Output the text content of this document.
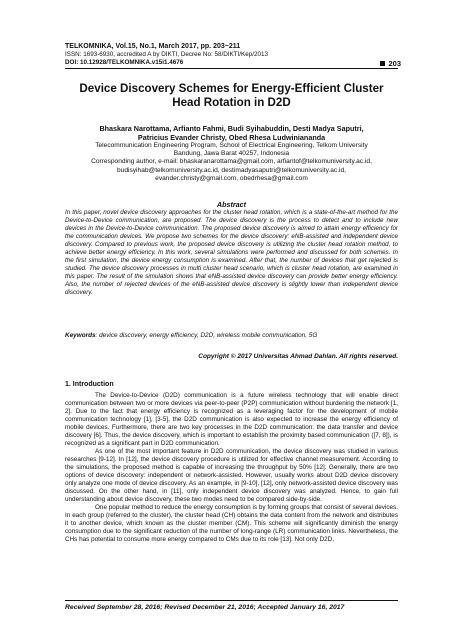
TELKOMNIKA, Vol.15, No.1, March 2017, pp. 203~211
ISSN: 1693-6930, accredited A by DIKTI, Decree No: 58/DIKTI/Kep/2013
DOI: 10.12928/TELKOMNIKA.v15i1.4676	203
Device Discovery Schemes for Energy-Efficient Cluster Head Rotation in D2D
Bhaskara Narottama, Arfianto Fahmi, Budi Syihabuddin, Desti Madya Saputri,
Patricius Evander Christy, Obed Rhesa Ludwiniananda
Telecommunication Engineering Program, School of Electrical Engineering, Telkom University
Bandung, Jawa Barat 40257, Indonesia
Corresponding author, e-mail: bhaskaranarottama@gmail.com, arfiantof@telkomuniversity.ac.id,
budisyihab@telkomuniversity.ac.id, destimadyasaputri@telkomuniversity.ac.id,
evander.christy@gmail.com, obedrhesa@gmail.com
Abstract
In this paper, novel device discovery approaches for the cluster head rotation, which is a state-of-the-art method for the Device-to-Device communication, are proposed. The device discovery is the process to detect and to include new devices in the Device-to-Device communication. The proposed device discovery is aimed to attain energy efficiency for the communication devices. We propose two schemes for the device discovery: eNB-assisted and independent device discovery. Compared to previous work, the proposed device discovery is utilizing the cluster head rotation method, to achieve better energy efficiency. In this work, several simulations were performed and discussed for both schemes. In the first simulation, the device energy consumption is examined. After that, the number of devices that get rejected is studied. The device discovery processes in multi cluster head scenario, which is cluster head rotation, are examined in this paper. The result of the simulation shows that eNB-assisted device discovery can provide better energy efficiency. Also, the number of rejected devices of the eNB-assisted device discovery is slightly lower than independent device discovery.
Keywords: device discovery, energy efficiency, D2D, wireless mobile communication, 5G
Copyright © 2017 Universitas Ahmad Dahlan. All rights reserved.
1. Introduction

The Device-to-Device (D2D) communication is a future wireless technology that will enable direct communication between two or more devices via peer-to-peer (P2P) communication without burdening the network [1, 2]. Due to the fact that energy efficiency is recognized as a leveraging factor for the development of mobile communication technology [1], [3-5], the D2D communication is also expected to increase the energy efficiency of mobile devices. Furthermore, there are two key processes in the D2D communication: the data transfer and device discovery [6]. Thus, the device discovery, which is important to establish the proximity based communication ([7, 8]), is recognized as a significant part in D2D communication.

As one of the most important feature in D2D communication, the device discovery was studied in various researches [9-12]. In [12], the device discovery procedure is utilized for effective channel measurement. According to the simulations, the proposed method is capable of increasing the throughput by 50% [12]. Generally, there are two options of device discovery: independent or network-assisted. However, usually works about D2D device discovery only analyze one mode of device discovery. As an example, in [9-10], [12], only network-assisted device discovery was discussed. On the other hand, in [11], only independent device discovery was analyzed. Hence, to gain full understanding about device discovery, these two modes need to be compared side-by-side.

One popular method to reduce the energy consumption is by forming groups that consist of several devices. In each group (referred to the cluster), the cluster head (CH) obtains the data content from the network and distributes it to another device, which known as the cluster member (CM). This scheme will significantly diminish the energy consumption due to the significant reduction of the number of long-range (LR) communication links. Nevertheless, the CHs has potential to consume more energy compared to CMs due to its role [13]. Not only D2D,

Received September 28, 2016; Revised December 21, 2016; Accepted January 16, 2017
